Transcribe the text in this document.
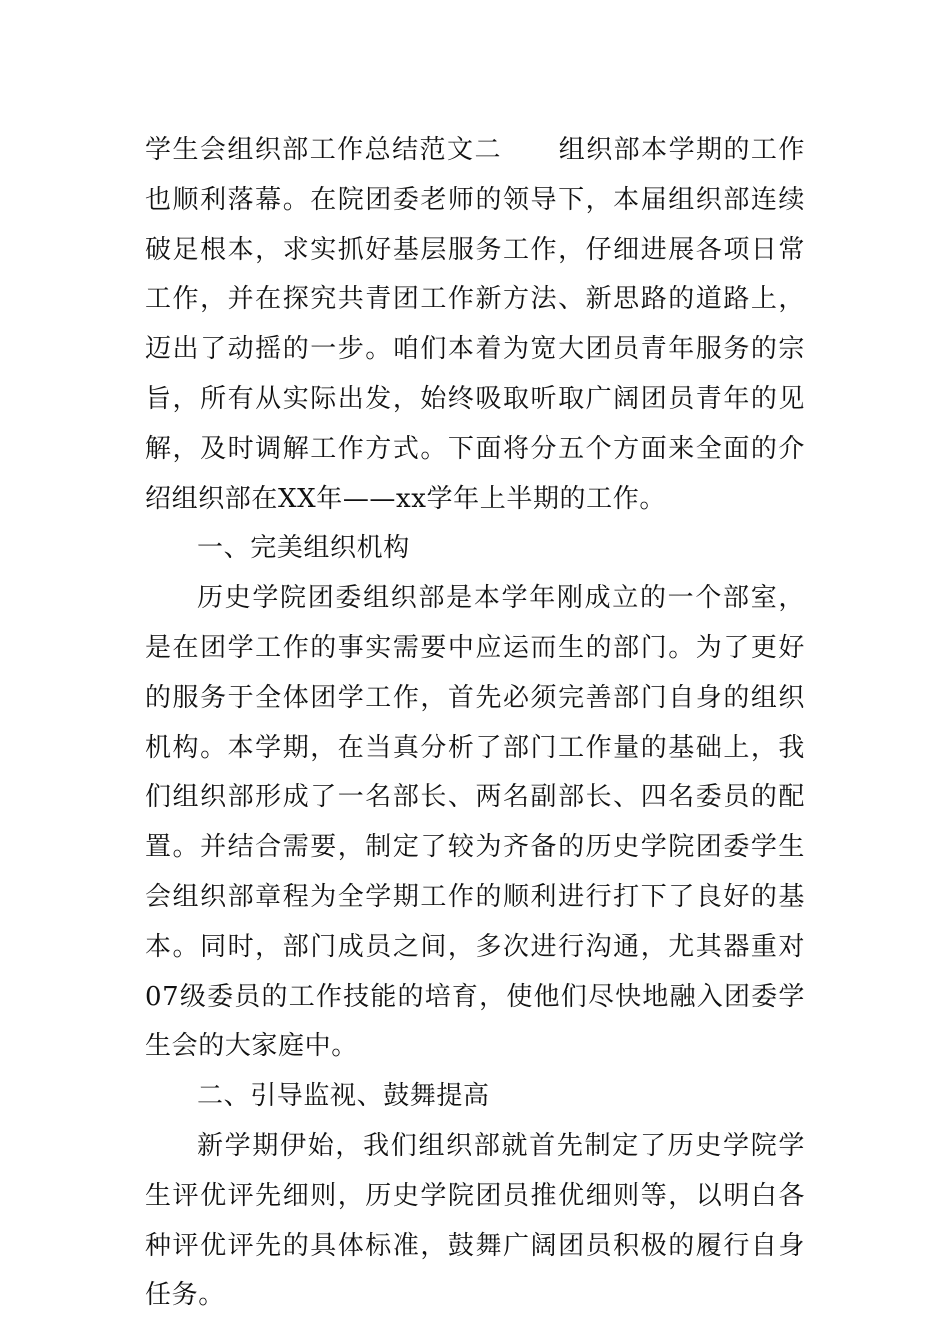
学生会组织部工作总结范文二 组织部本学期的工作也顺利落幕。在院团委老师的领导下，本届组织部连续破足根本，求实抓好基层服务工作，仔细进展各项日常工作，并在探究共青团工作新方法、新思路的道路上，迈出了动摇的一步。咱们本着为宽大团员青年服务的宗旨，所有从实际出发，始终吸取听取广阔团员青年的见解，及时调解工作方式。下面将分五个方面来全面的介绍组织部在XX年——xx学年上半期的工作。

一、完美组织机构

历史学院团委组织部是本学年刚成立的一个部室，是在团学工作的事实需要中应运而生的部门。为了更好的服务于全体团学工作，首先必须完善部门自身的组织机构。本学期，在当真分析了部门工作量的基础上，我们组织部形成了一名部长、两名副部长、四名委员的配置。并结合需要，制定了较为齐备的历史学院团委学生会组织部章程为全学期工作的顺利进行打下了良好的基本。同时，部门成员之间，多次进行沟通，尤其器重对07级委员的工作技能的培育，使他们尽快地融入团委学生会的大家庭中。

二、引导监视、鼓舞提高

新学期伊始，我们组织部就首先制定了历史学院学生评优评先细则，历史学院团员推优细则等，以明白各种评优评先的具体标准，鼓舞广阔团员积极的履行自身任务。
